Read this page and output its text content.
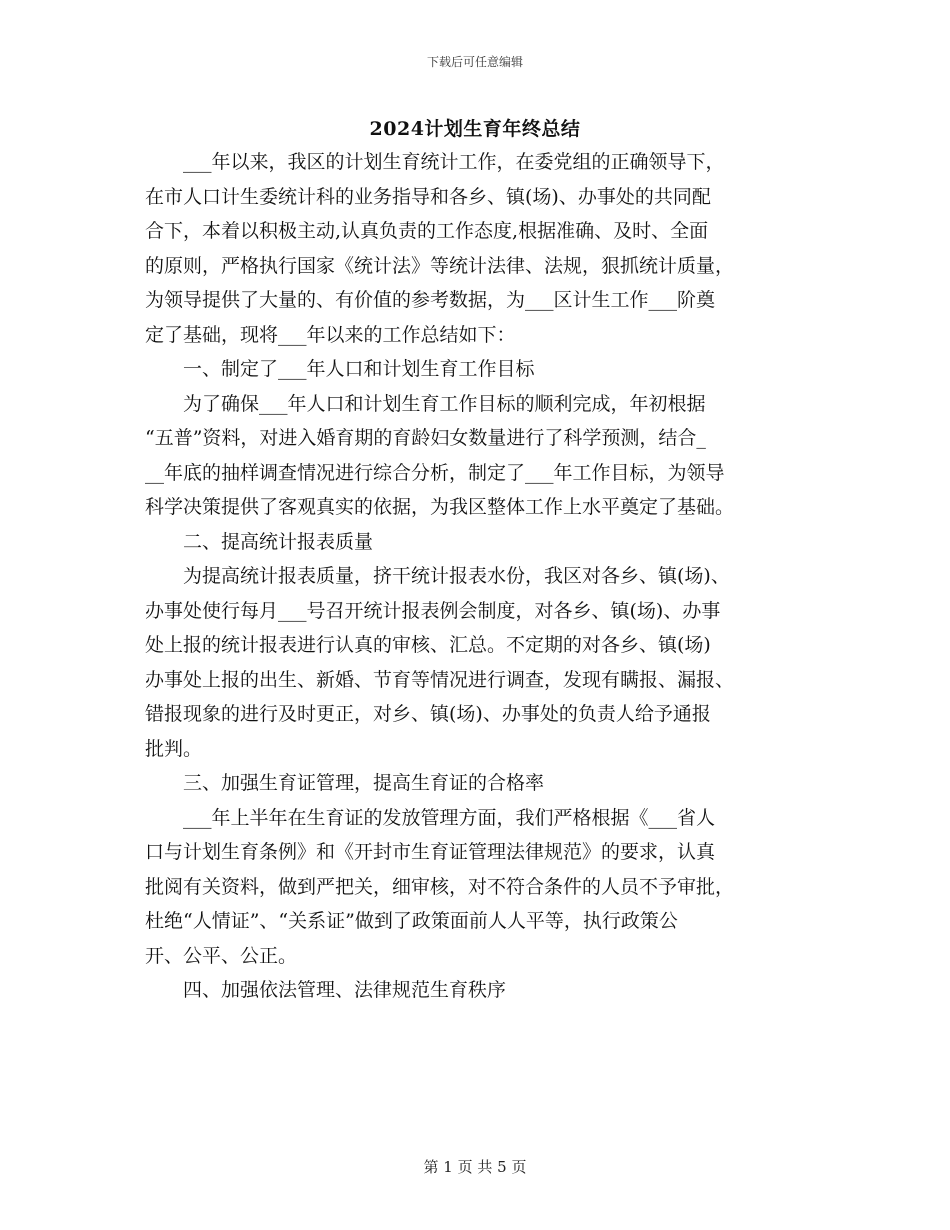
下载后可任意编辑
2024计划生育年终总结
___年以来，我区的计划生育统计工作，在委党组的正确领导下，
在市人口计生委统计科的业务指导和各乡、镇(场)、办事处的共同配
合下，本着以积极主动,认真负责的工作态度,根据准确、及时、全面
的原则，严格执行国家《统计法》等统计法律、法规，狠抓统计质量，
为领导提供了大量的、有价值的参考数据，为___区计生工作___阶奠
定了基础，现将___年以来的工作总结如下：
一、制定了___年人口和计划生育工作目标
为了确保___年人口和计划生育工作目标的顺利完成，年初根据
“五普”资料，对进入婚育期的育龄妇女数量进行了科学预测，结合_
__年底的抽样调查情况进行综合分析，制定了___年工作目标，为领导
科学决策提供了客观真实的依据，为我区整体工作上水平奠定了基础。
二、提高统计报表质量
为提高统计报表质量，挤干统计报表水份，我区对各乡、镇(场)、
办事处使行每月___号召开统计报表例会制度，对各乡、镇(场)、办事
处上报的统计报表进行认真的审核、汇总。不定期的对各乡、镇(场)
办事处上报的出生、新婚、节育等情况进行调查，发现有瞒报、漏报、
错报现象的进行及时更正，对乡、镇(场)、办事处的负责人给予通报
批判。
三、加强生育证管理，提高生育证的合格率
___年上半年在生育证的发放管理方面，我们严格根据《___省人
口与计划生育条例》和《开封市生育证管理法律规范》的要求，认真
批阅有关资料，做到严把关，细审核，对不符合条件的人员不予审批，
杜绝“人情证”、“关系证”做到了政策面前人人平等，执行政策公
开、公平、公正。
四、加强依法管理、法律规范生育秩序
第 1 页 共 5 页
